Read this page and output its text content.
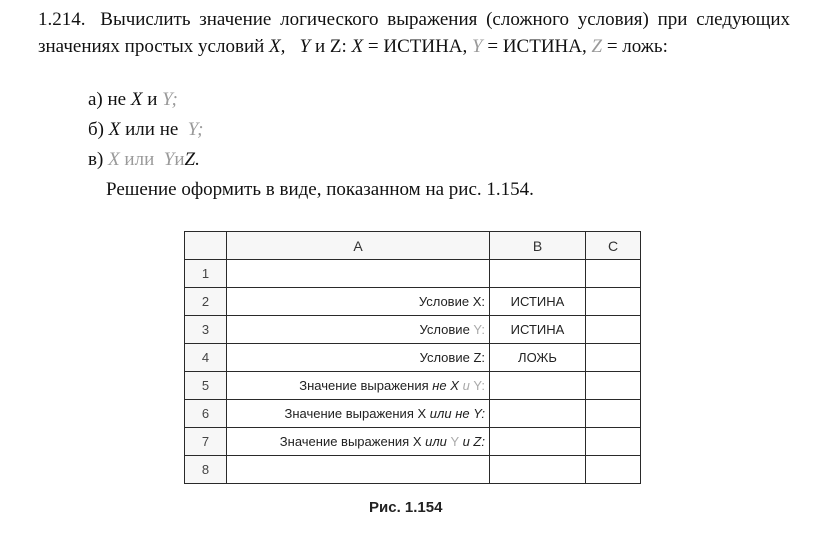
1.214. Вычислить значение логического выражения (сложного условия) при следующих значениях простых условий X, Y и Z: X = ИСТИНА, Y = ИСТИНА, Z = ложь:
а) не X и Y;
б) X или не Y;
в) X или YиZ.
Решение оформить в виде, показанном на рис. 1.154.
	A	B	C
1			
2	Условие X:	ИСТИНА	
3	Условие Y:	ИСТИНА	
4	Условие Z:	ЛОЖЬ	
5	Значение выражения не X и Y:		
6	Значение выражения X или не Y:		
7	Значение выражения X или Y и Z:		
8			
Рис. 1.154
